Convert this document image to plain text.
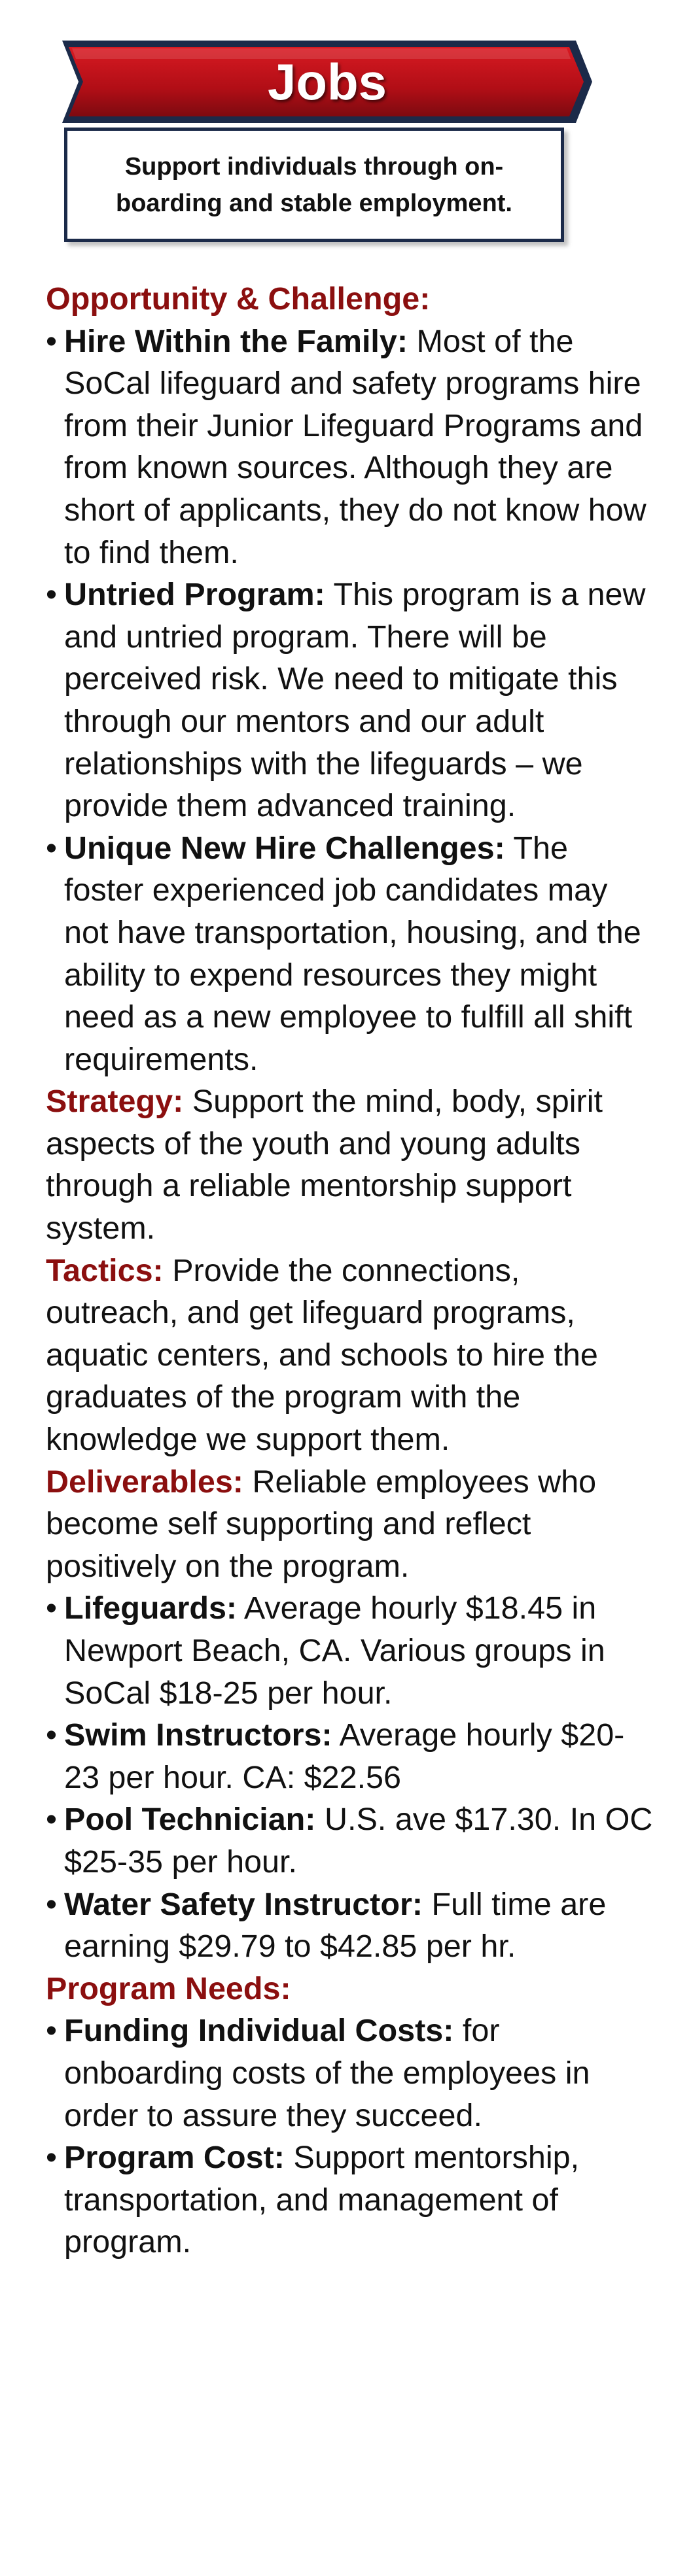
Jobs
Support individuals through on-boarding and stable employment.
Opportunity & Challenge:
• Hire Within the Family: Most of the SoCal lifeguard and safety programs hire from their Junior Lifeguard Programs and from known sources. Although they are short of applicants, they do not know how to find them.
• Untried Program: This program is a new and untried program. There will be perceived risk. We need to mitigate this through our mentors and our adult relationships with the lifeguards – we provide them advanced training.
• Unique New Hire Challenges: The foster experienced job candidates may not have transportation, housing, and the ability to expend resources they might need as a new employee to fulfill all shift requirements.

Strategy: Support the mind, body, spirit aspects of the youth and young adults through a reliable mentorship support system.

Tactics: Provide the connections, outreach, and get lifeguard programs, aquatic centers, and schools to hire the graduates of the program with the knowledge we support them.

Deliverables: Reliable employees who become self supporting and reflect positively on the program.

• Lifeguards: Average hourly $18.45 in Newport Beach, CA. Various groups in SoCal $18-25 per hour.
• Swim Instructors: Average hourly $20-23 per hour. CA: $22.56
• Pool Technician: U.S. ave $17.30. In OC $25-35 per hour.
• Water Safety Instructor: Full time are earning $29.79 to $42.85 per hr.
Program Needs:
• Funding Individual Costs: for onboarding costs of the employees in order to assure they succeed.
• Program Cost: Support mentorship, transportation, and management of program.
